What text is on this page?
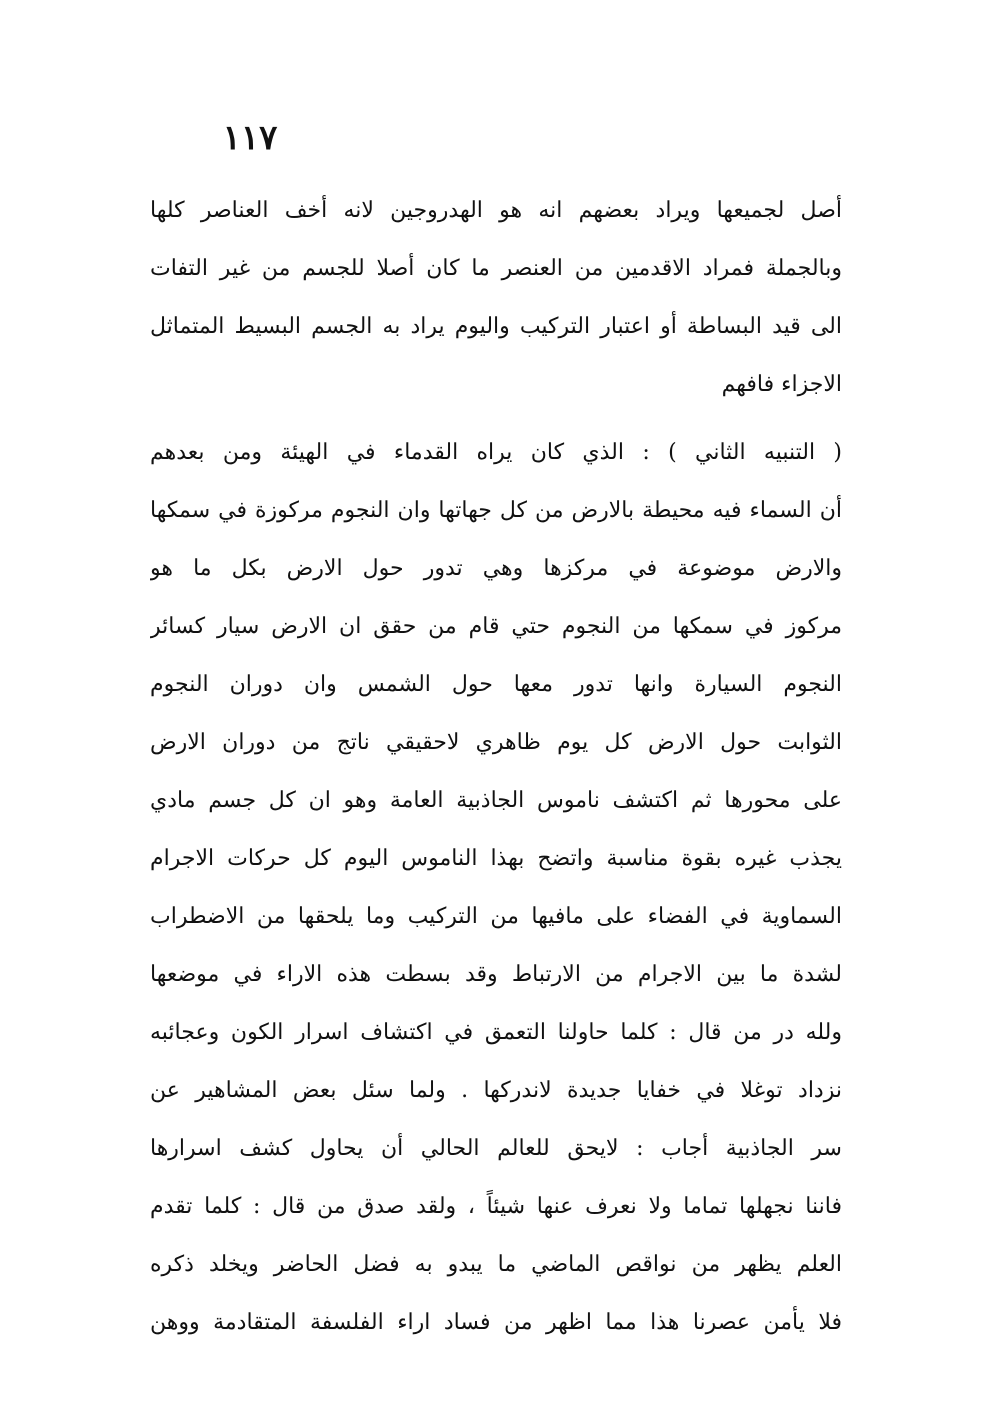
١١٧
أصل لجميعها ويراد بعضهم انه هو الهدروجين لانه أخف العناصر كلها
وبالجملة فمراد الاقدمين من العنصر ما كان أصلا للجسم من غير التفات
الى قيد البساطة أو اعتبار التركيب واليوم يراد به الجسم البسيط المتماثل
الاجزاء فافهم
( التنبيه الثاني ) : الذي كان يراه القدماء في الهيئة ومن بعدهم
أن السماء فيه محيطة بالارض من كل جهاتها وان النجوم مركوزة في سمكها
والارض موضوعة في مركزها وهي تدور حول الارض بكل ما هو
مركوز في سمكها من النجوم حتي قام من حقق ان الارض سيار كسائر
النجوم السيارة وانها تدور معها حول الشمس وان دوران النجوم
الثوابت حول الارض كل يوم ظاهري لاحقيقي ناتج من دوران الارض
على محورها ثم اكتشف ناموس الجاذبية العامة وهو ان كل جسم مادي
يجذب غيره بقوة مناسبة واتضح بهذا الناموس اليوم كل حركات الاجرام
السماوية في الفضاء على مافيها من التركيب وما يلحقها من الاضطراب
لشدة ما بين الاجرام من الارتباط وقد بسطت هذه الاراء في موضعها
ولله در من قال : كلما حاولنا التعمق في اكتشاف اسرار الكون وعجائبه
نزداد توغلا في خفايا جديدة لاندركها . ولما سئل بعض المشاهير عن
سر الجاذبية أجاب : لايحق للعالم الحالي أن يحاول كشف اسرارها
فاننا نجهلها تماما ولا نعرف عنها شيئاً ، ولقد صدق من قال : كلما تقدم
العلم يظهر من نواقص الماضي ما يبدو به فضل الحاضر ويخلد ذكره
فلا يأمن عصرنا هذا مما اظهر من فساد اراء الفلسفة المتقادمة ووهن
